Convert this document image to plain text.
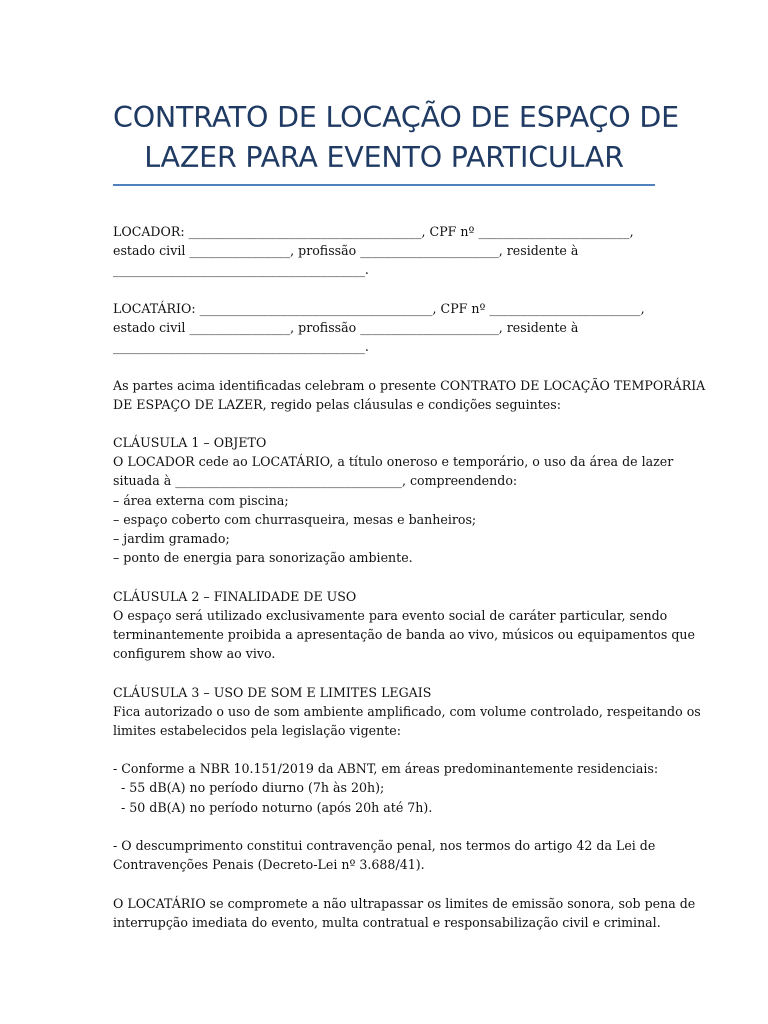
CONTRATO DE LOCAÇÃO DE ESPAÇO DE
LAZER PARA EVENTO PARTICULAR
LOCADOR: _____________________________________, CPF nº ________________________,
estado civil ________________, profissão ______________________, residente à
________________________________________.
LOCATÁRIO: _____________________________________, CPF nº ________________________,
estado civil ________________, profissão ______________________, residente à
________________________________________.
As partes acima identificadas celebram o presente CONTRATO DE LOCAÇÃO TEMPORÁRIA
DE ESPAÇO DE LAZER, regido pelas cláusulas e condições seguintes:
CLÁUSULA 1 – OBJETO
O LOCADOR cede ao LOCATÁRIO, a título oneroso e temporário, o uso da área de lazer
situada à ____________________________________, compreendendo:
– área externa com piscina;
– espaço coberto com churrasqueira, mesas e banheiros;
– jardim gramado;
– ponto de energia para sonorização ambiente.
CLÁUSULA 2 – FINALIDADE DE USO
O espaço será utilizado exclusivamente para evento social de caráter particular, sendo
terminantemente proibida a apresentação de banda ao vivo, músicos ou equipamentos que
configurem show ao vivo.
CLÁUSULA 3 – USO DE SOM E LIMITES LEGAIS
Fica autorizado o uso de som ambiente amplificado, com volume controlado, respeitando os
limites estabelecidos pela legislação vigente:
- Conforme a NBR 10.151/2019 da ABNT, em áreas predominantemente residenciais:
- 55 dB(A) no período diurno (7h às 20h);
- 50 dB(A) no período noturno (após 20h até 7h).
- O descumprimento constitui contravenção penal, nos termos do artigo 42 da Lei de
Contravenções Penais (Decreto-Lei nº 3.688/41).
O LOCATÁRIO se compromete a não ultrapassar os limites de emissão sonora, sob pena de
interrupção imediata do evento, multa contratual e responsabilização civil e criminal.
